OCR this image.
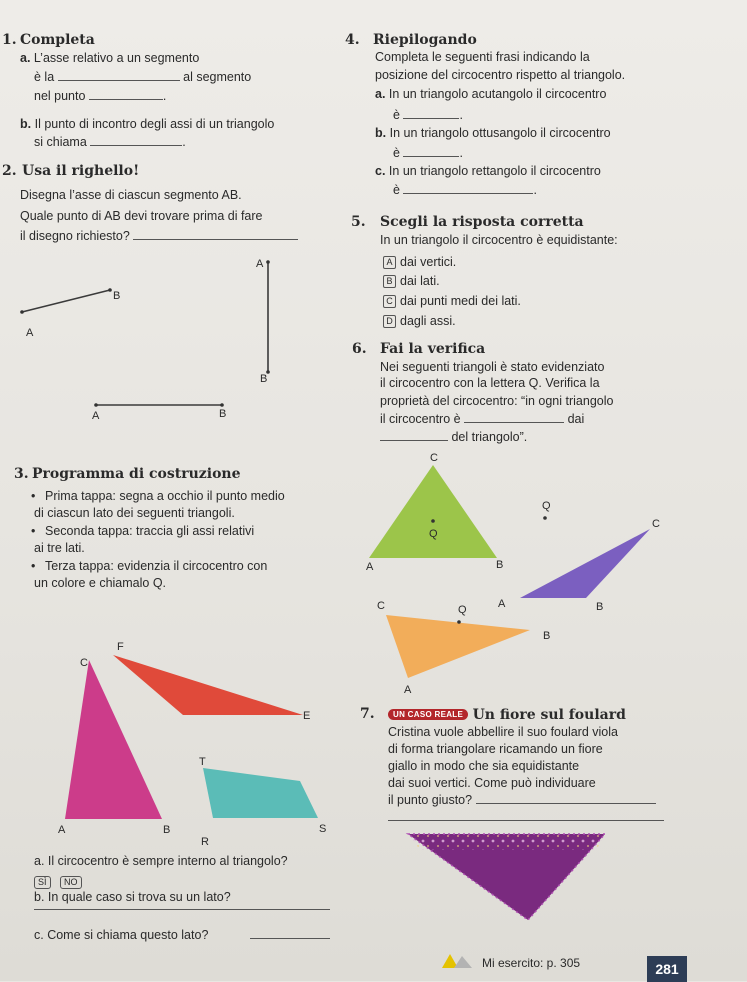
1. Completa
a. L’asse relativo a un segmento
è la	al segmento
nel punto	.
b. Il punto di incontro degli assi di un triangolo
si chiama	.
2. Usa il righello!
Disegna l’asse di ciascun segmento AB.
Quale punto di AB devi trovare prima di fare
il disegno richiesto?
A
B
A
B
A	B
3. Programma di costruzione
• Prima tappa: segna a occhio il punto medio
di ciascun lato dei seguenti triangoli.
• Seconda tappa: traccia gli assi relativi
ai tre lati.
• Terza tappa: evidenzia il circocentro con
un colore e chiamalo Q.
C
A	B
F
E
T
R
S
a. Il circocentro è sempre interno al triangolo?
SÌ NO
b. In quale caso si trova su un lato?
c. Come si chiama questo lato?
4. Riepilogando
Completa le seguenti frasi indicando la
posizione del circocentro rispetto al triangolo.
a. In un triangolo acutangolo il circocentro
è	.
b. In un triangolo ottusangolo il circocentro
è	.
c. In un triangolo rettangolo il circocentro
è	.
5. Scegli la risposta corretta
In un triangolo il circocentro è equidistante:
A dai vertici.
B dai lati.
C dai punti medi dei lati.
D dagli assi.
6. Fai la verifica
Nei seguenti triangoli è stato evidenziato
il circocentro con la lettera Q. Verifica la
proprietà del circocentro: “in ogni triangolo
il circocentro è	dai
del triangolo”.
C
A	B
Q
Q
C
A	B
C	Q
A
B
7.	UN CASO REALE Un fiore sul foulard
Cristina vuole abbellire il suo foulard viola
di forma triangolare ricamando un fiore
giallo in modo che sia equidistante
dai suoi vertici. Come può individuare
il punto giusto?
Mi esercito: p. 305	281
